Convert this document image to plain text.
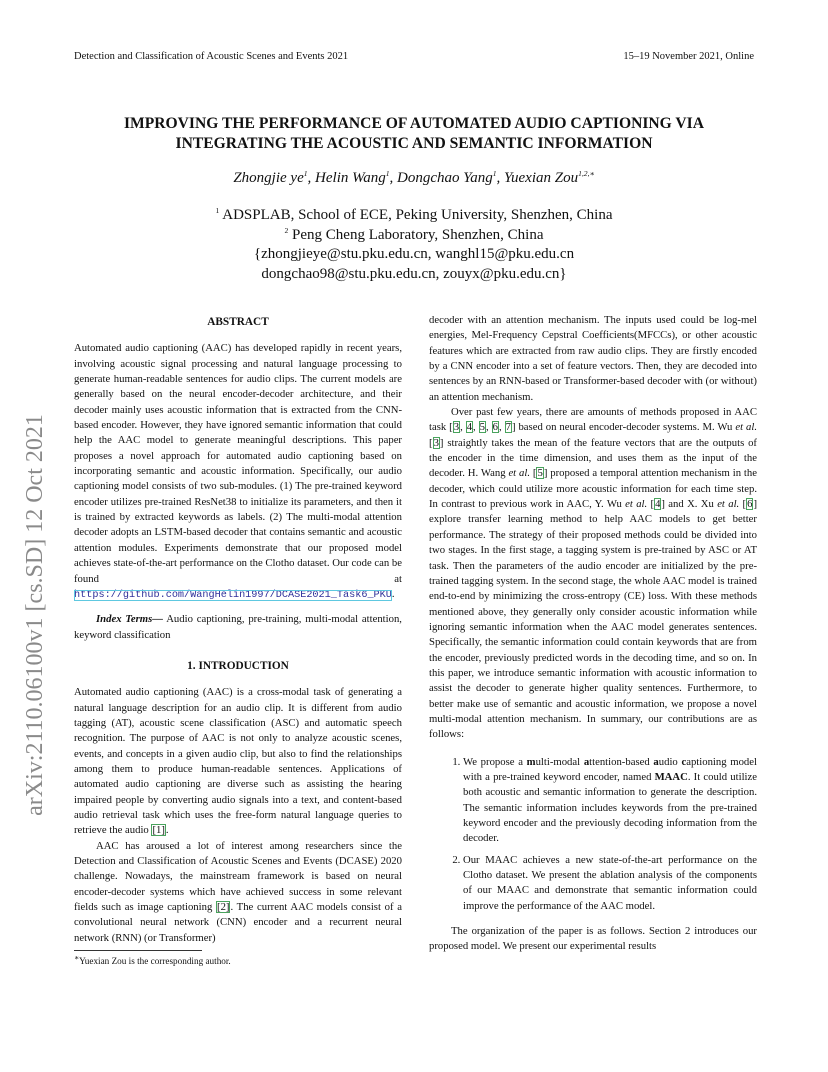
Detection and Classification of Acoustic Scenes and Events 2021	15–19 November 2021, Online
arXiv:2110.06100v1 [cs.SD] 12 Oct 2021
IMPROVING THE PERFORMANCE OF AUTOMATED AUDIO CAPTIONING VIA
INTEGRATING THE ACOUSTIC AND SEMANTIC INFORMATION
Zhongjie $ye^1$, Helin Wang$^1$, Dongchao Yang$^1$, Yuexian Zou$^{1,2,∗}$
$^1$ ADSPLAB, School of ECE, Peking University, Shenzhen, China
$^2$ Peng Cheng Laboratory, Shenzhen, China
{zhongjieye@stu.pku.edu.cn, wanghl15@pku.edu.cn
dongchao98@stu.pku.edu.cn, zouyx@pku.edu.cn}
ABSTRACT

Automated audio captioning (AAC) has developed rapidly in recent years, involving acoustic signal processing and natural language processing to generate human-readable sentences for audio clips. The current models are generally based on the neural encoder-decoder architecture, and their decoder mainly uses acoustic information that is extracted from the CNN-based encoder. However, they have ignored semantic information that could help the AAC model to generate meaningful descriptions. This paper proposes a novel approach for automated audio captioning based on incorporating semantic and acoustic information. Specifically, our audio captioning model consists of two sub-modules. (1) The pre-trained keyword encoder utilizes pre-trained ResNet38 to initialize its parameters, and then it is trained by extracted keywords as labels. (2) The multi-modal attention decoder adopts an LSTM-based decoder that contains semantic and acoustic attention modules. Experiments demonstrate that our proposed model achieves state-of-the-art performance on the Clotho dataset. Our code can be found at https://github.com/WangHelin1997/DCASE2021_Task6_PKU.

Index Terms— Audio captioning, pre-training, multi-modal attention, keyword classification

1. INTRODUCTION

Automated audio captioning (AAC) is a cross-modal task of generating a natural language description for an audio clip. It is different from audio tagging (AT), acoustic scene classification (ASC) and automatic speech recognition. The purpose of AAC is not only to analyze acoustic scenes, events, and concepts in a given audio clip, but also to find the relationships among them to produce human-readable sentences. Applications of automated audio captioning are diverse such as assisting the hearing impaired people by converting audio signals into a text, and content-based audio retrieval task which uses the free-form natural language queries to retrieve the audio [1].

AAC has aroused a lot of interest among researchers since the Detection and Classification of Acoustic Scenes and Events (DCASE) 2020 challenge. Nowadays, the mainstream framework is based on neural encoder-decoder systems which have achieved success in some relevant fields such as image captioning [2]. The current AAC models consist of a convolutional neural network (CNN) encoder and a recurrent neural network (RNN) (or Transformer)

decoder with an attention mechanism. The inputs used could be log-mel energies, Mel-Frequency Cepstral Coefficients(MFCCs), or other acoustic features which are extracted from raw audio clips. They are firstly encoded by a CNN encoder into a set of feature vectors. Then, they are decoded into sentences by an RNN-based or Transformer-based decoder with (or without) an attention mechanism.

Over past few years, there are amounts of methods proposed in AAC task [3, 4, 5, 6, 7] based on neural encoder-decoder systems. M. Wu et al. [3] straightly takes the mean of the feature vectors that are the outputs of the encoder in the time dimension, and uses them as the input of the decoder. H. Wang et al. [5] proposed a temporal attention mechanism in the decoder, which could utilize more acoustic information for each time step. In contrast to previous work in AAC, Y. Wu et al. [4] and X. Xu et al. [6] explore transfer learning method to help AAC models to get better performance. The strategy of their proposed methods could be divided into two stages. In the first stage, a tagging system is pre-trained by ASC or AT task. Then the parameters of the audio encoder are initialized by the pre-trained tagging system. In the second stage, the whole AAC model is trained end-to-end by minimizing the cross-entropy (CE) loss. With these methods mentioned above, they generally only consider acoustic information while ignoring semantic information when the AAC model generates sentences. Specifically, the semantic information could contain keywords that are from the encoder, previously predicted words in the decoding time, and so on. In this paper, we introduce semantic information with acoustic information to assist the decoder to generate higher quality sentences. Furthermore, to better make use of semantic and acoustic information, we propose a novel multi-modal attention mechanism. In summary, our contributions are as follows:

1. We propose a multi-modal attention-based audio captioning model with a pre-trained keyword encoder, named MAAC. It could utilize both acoustic and semantic information to generate the description. The semantic information includes keywords from the pre-trained keyword encoder and the previously decoding information from the decoder.
2. Our MAAC achieves a new state-of-the-art performance on the Clotho dataset. We present the ablation analysis of the components of our MAAC and demonstrate that semantic information could improve the performance of the AAC model.

The organization of the paper is as follows. Section 2 introduces our proposed model. We present our experimental results

∗Yuexian Zou is the corresponding author.
